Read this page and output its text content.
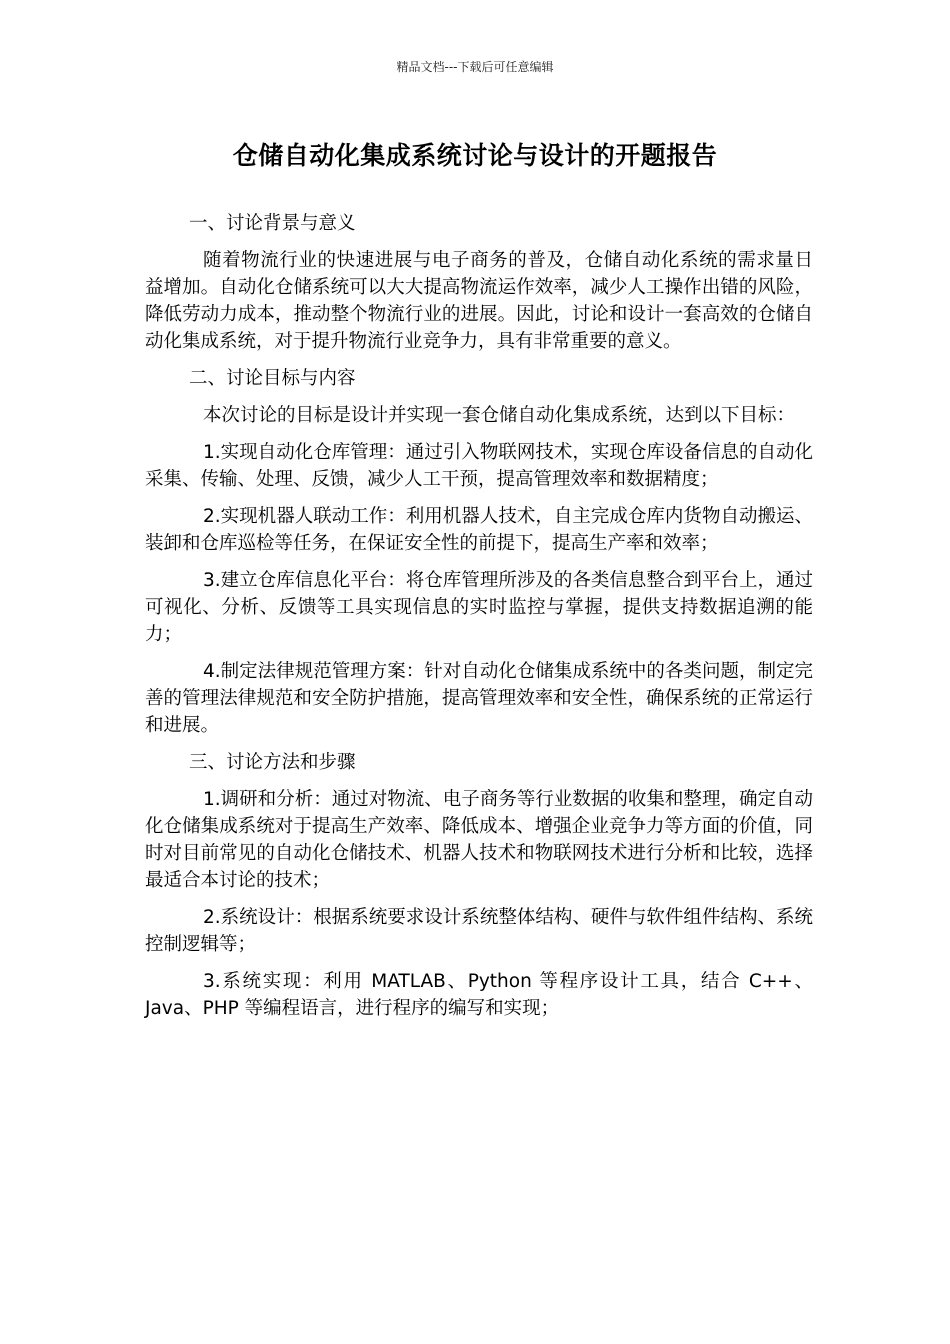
精品文档---下载后可任意编辑
仓储自动化集成系统讨论与设计的开题报告
一、讨论背景与意义
随着物流行业的快速进展与电子商务的普及，仓储自动化系统的需求量日益增加。自动化仓储系统可以大大提高物流运作效率，减少人工操作出错的风险，降低劳动力成本，推动整个物流行业的进展。因此，讨论和设计一套高效的仓储自动化集成系统，对于提升物流行业竞争力，具有非常重要的意义。
二、讨论目标与内容
本次讨论的目标是设计并实现一套仓储自动化集成系统，达到以下目标：
1.实现自动化仓库管理：通过引入物联网技术，实现仓库设备信息的自动化采集、传输、处理、反馈，减少人工干预，提高管理效率和数据精度；
2.实现机器人联动工作：利用机器人技术，自主完成仓库内货物自动搬运、装卸和仓库巡检等任务，在保证安全性的前提下，提高生产率和效率；
3.建立仓库信息化平台：将仓库管理所涉及的各类信息整合到平台上，通过可视化、分析、反馈等工具实现信息的实时监控与掌握，提供支持数据追溯的能力；
4.制定法律规范管理方案：针对自动化仓储集成系统中的各类问题，制定完善的管理法律规范和安全防护措施，提高管理效率和安全性，确保系统的正常运行和进展。
三、讨论方法和步骤
1.调研和分析：通过对物流、电子商务等行业数据的收集和整理，确定自动化仓储集成系统对于提高生产效率、降低成本、增强企业竞争力等方面的价值，同时对目前常见的自动化仓储技术、机器人技术和物联网技术进行分析和比较，选择最适合本讨论的技术；
2.系统设计：根据系统要求设计系统整体结构、硬件与软件组件结构、系统控制逻辑等；
3.系统实现：利用 MATLAB、Python 等程序设计工具，结合 C++、Java、PHP 等编程语言，进行程序的编写和实现；
